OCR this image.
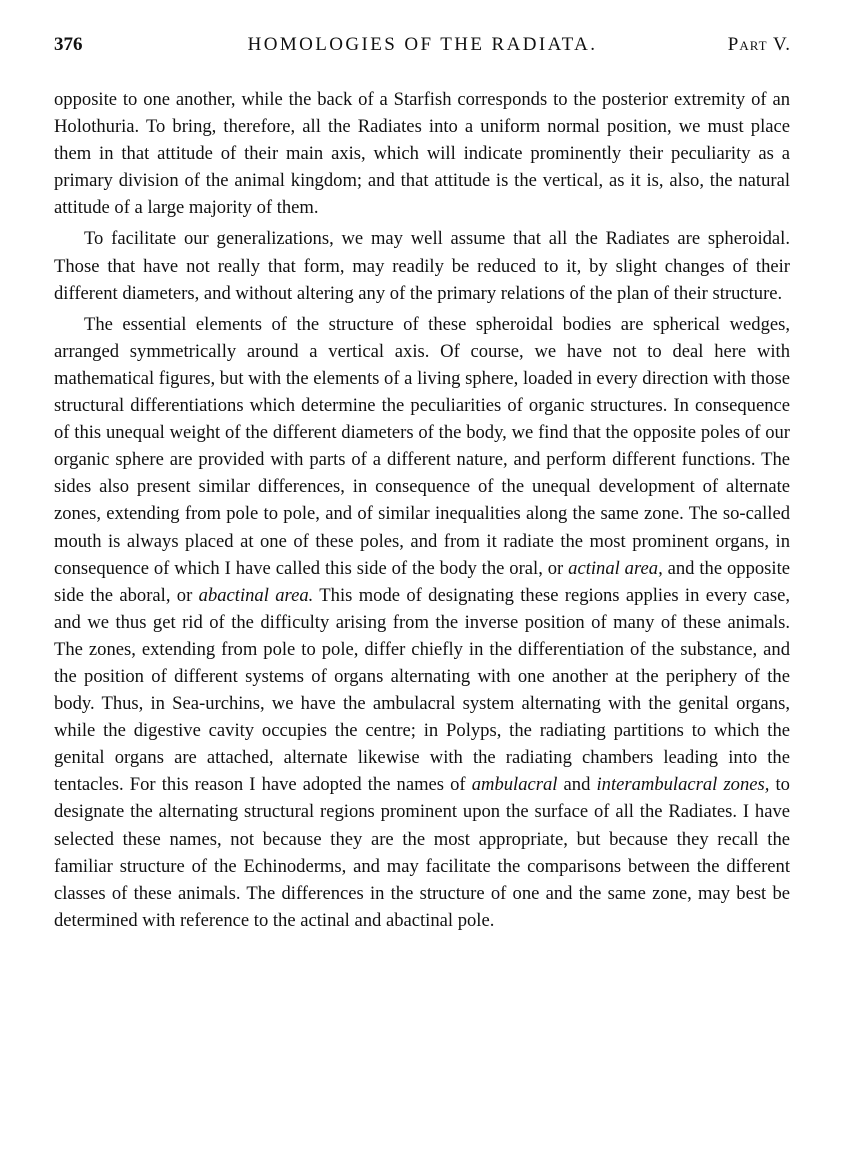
376	HOMOLOGIES OF THE RADIATA.	Part V.

opposite to one another, while the back of a Starfish corresponds to the posterior extremity of an Holothuria. To bring, therefore, all the Radiates into a uniform normal position, we must place them in that attitude of their main axis, which will indicate prominently their peculiarity as a primary division of the animal kingdom; and that attitude is the vertical, as it is, also, the natural attitude of a large majority of them.

To facilitate our generalizations, we may well assume that all the Radiates are spheroidal. Those that have not really that form, may readily be reduced to it, by slight changes of their different diameters, and without altering any of the primary relations of the plan of their structure.

The essential elements of the structure of these spheroidal bodies are spherical wedges, arranged symmetrically around a vertical axis. Of course, we have not to deal here with mathematical figures, but with the elements of a living sphere, loaded in every direction with those structural differentiations which determine the peculiarities of organic structures. In consequence of this unequal weight of the different diameters of the body, we find that the opposite poles of our organic sphere are provided with parts of a different nature, and perform different functions. The sides also present similar differences, in consequence of the unequal development of alternate zones, extending from pole to pole, and of similar inequalities along the same zone. The so-called mouth is always placed at one of these poles, and from it radiate the most prominent organs, in consequence of which I have called this side of the body the oral, or actinal area, and the opposite side the aboral, or abactinal area. This mode of designating these regions applies in every case, and we thus get rid of the difficulty arising from the inverse position of many of these animals. The zones, extending from pole to pole, differ chiefly in the differentiation of the substance, and the position of different systems of organs alternating with one another at the periphery of the body. Thus, in Sea-urchins, we have the ambulacral system alternating with the genital organs, while the digestive cavity occupies the centre; in Polyps, the radiating partitions to which the genital organs are attached, alternate likewise with the radiating chambers leading into the tentacles. For this reason I have adopted the names of ambulacral and interambulacral zones, to designate the alternating structural regions prominent upon the surface of all the Radiates. I have selected these names, not because they are the most appropriate, but because they recall the familiar structure of the Echinoderms, and may facilitate the comparisons between the different classes of these animals. The differences in the structure of one and the same zone, may best be determined with reference to the actinal and abactinal pole.
